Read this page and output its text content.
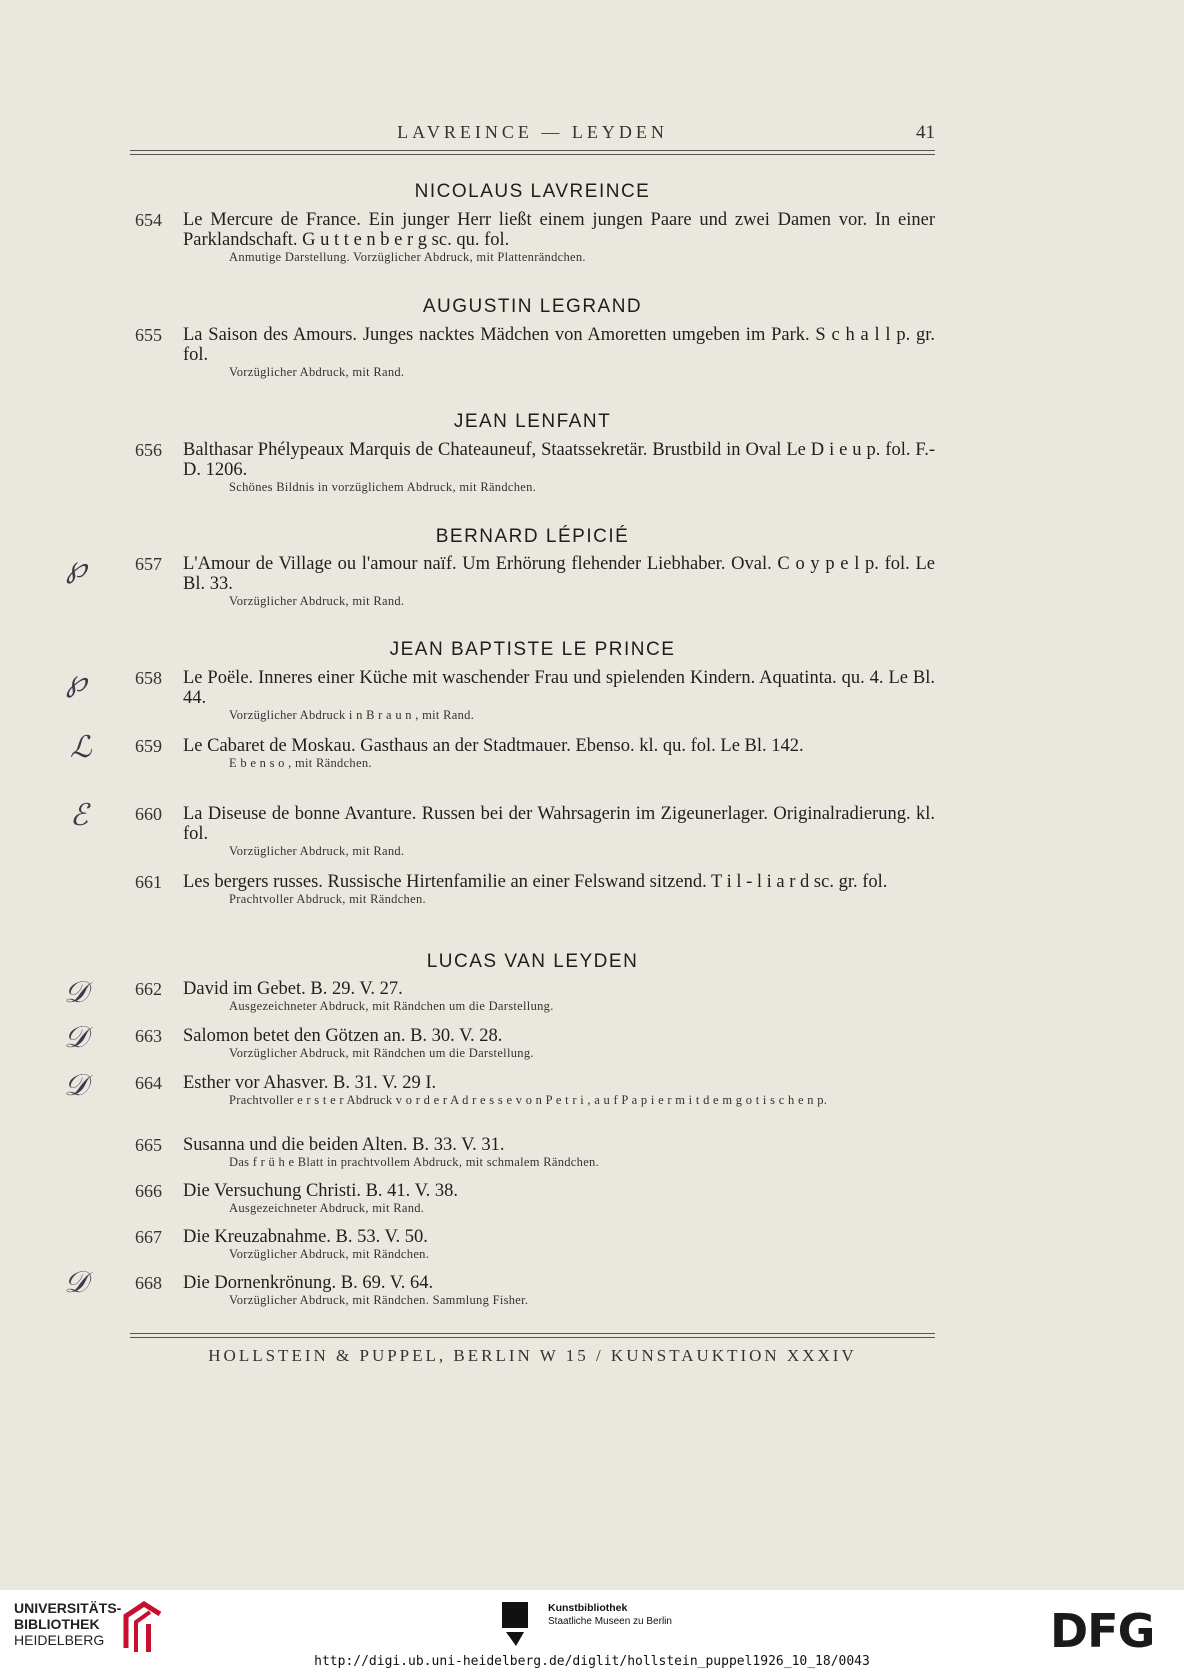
LAVREINCE — LEYDEN	41
NICOLAUS LAVREINCE
654 Le Mercure de France. Ein junger Herr ließt einem jungen Paare und zwei Damen vor. In einer Parklandschaft. G u t t e n b e r g sc. qu. fol.
Anmutige Darstellung. Vorzüglicher Abdruck, mit Plattenrändchen.
AUGUSTIN LEGRAND
655 La Saison des Amours. Junges nacktes Mädchen von Amoretten umgeben im Park. S c h a l l p. gr. fol.
Vorzüglicher Abdruck, mit Rand.
JEAN LENFANT
656 Balthasar Phélypeaux Marquis de Chateauneuf, Staatssekretär. Brustbild in Oval Le D i e u p. fol. F.-D. 1206.
Schönes Bildnis in vorzüglichem Abdruck, mit Rändchen.
BERNARD LÉPICIÉ
657 L'Amour de Village ou l'amour naïf. Um Erhörung flehender Liebhaber. Oval. C o y p e l p. fol. Le Bl. 33.
Vorzüglicher Abdruck, mit Rand.
JEAN BAPTISTE LE PRINCE
658 Le Poële. Inneres einer Küche mit waschender Frau und spielenden Kindern. Aquatinta. qu. 4. Le Bl. 44.
Vorzüglicher Abdruck i n B r a u n , mit Rand.
659 Le Cabaret de Moskau. Gasthaus an der Stadtmauer. Ebenso. kl. qu. fol. Le Bl. 142.
E b e n s o , mit Rändchen.
660 La Diseuse de bonne Avanture. Russen bei der Wahrsagerin im Zigeunerlager. Originalradierung. kl. fol.
Vorzüglicher Abdruck, mit Rand.
661 Les bergers russes. Russische Hirtenfamilie an einer Felswand sitzend. T i l - l i a r d sc. gr. fol.
Prachtvoller Abdruck, mit Rändchen.
LUCAS VAN LEYDEN
662 David im Gebet. B. 29. V. 27.
Ausgezeichneter Abdruck, mit Rändchen um die Darstellung.
663 Salomon betet den Götzen an. B. 30. V. 28.
Vorzüglicher Abdruck, mit Rändchen um die Darstellung.
664 Esther vor Ahasver. B. 31. V. 29 I.
Prachtvoller e r s t e r Abdruck v o r d e r A d r e s s e v o n P e t r i , a u f P a p i e r m i t d e m g o t i s c h e n p.
665 Susanna und die beiden Alten. B. 33. V. 31.
Das f r ü h e Blatt in prachtvollem Abdruck, mit schmalem Rändchen.
666 Die Versuchung Christi. B. 41. V. 38.
Ausgezeichneter Abdruck, mit Rand.
667 Die Kreuzabnahme. B. 53. V. 50.
Vorzüglicher Abdruck, mit Rändchen.
668 Die Dornenkrönung. B. 69. V. 64.
Vorzüglicher Abdruck, mit Rändchen. Sammlung Fisher.
℘
℘
ℒ
ℰ
𝒟
𝒟
𝒟
𝒟
HOLLSTEIN & PUPPEL, BERLIN W 15 / KUNSTAUKTION XXXIV
UNIVERSITÄTS-
BIBLIOTHEK
HEIDELBERG
Kunstbibliothek
Staatliche Museen zu Berlin	DFG
http://digi.ub.uni-heidelberg.de/diglit/hollstein_puppel1926_10_18/0043
